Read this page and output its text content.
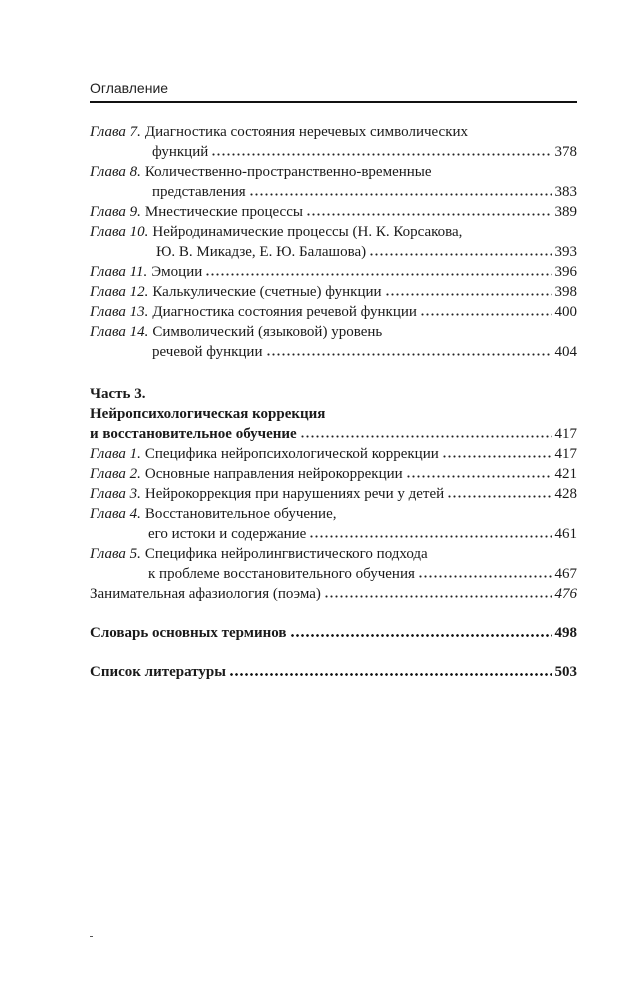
Оглавление
Глава 7. Диагностика состояния неречевых символических
функций	378
Глава 8. Количественно-пространственно-временные
представления	383
Глава 9. Мнестические процессы	389
Глава 10. Нейродинамические процессы (Н. К. Корсакова,
Ю. В. Микадзе, Е. Ю. Балашова)	393
Глава 11. Эмоции	396
Глава 12. Калькулические (счетные) функции	398
Глава 13. Диагностика состояния речевой функции	400
Глава 14. Символический (языковой) уровень
речевой функции	404
Часть 3.
Нейропсихологическая коррекция
и восстановительное обучение	417
Глава 1. Специфика нейропсихологической коррекции	417
Глава 2. Основные направления нейрокоррекции	421
Глава 3. Нейрокоррекция при нарушениях речи у детей	428
Глава 4. Восстановительное обучение,
его истоки и содержание	461
Глава 5. Специфика нейролингвистического подхода
к проблеме восстановительного обучения	467
Занимательная афазиология (поэма)	476
Словарь основных терминов	498
Список литературы	503
